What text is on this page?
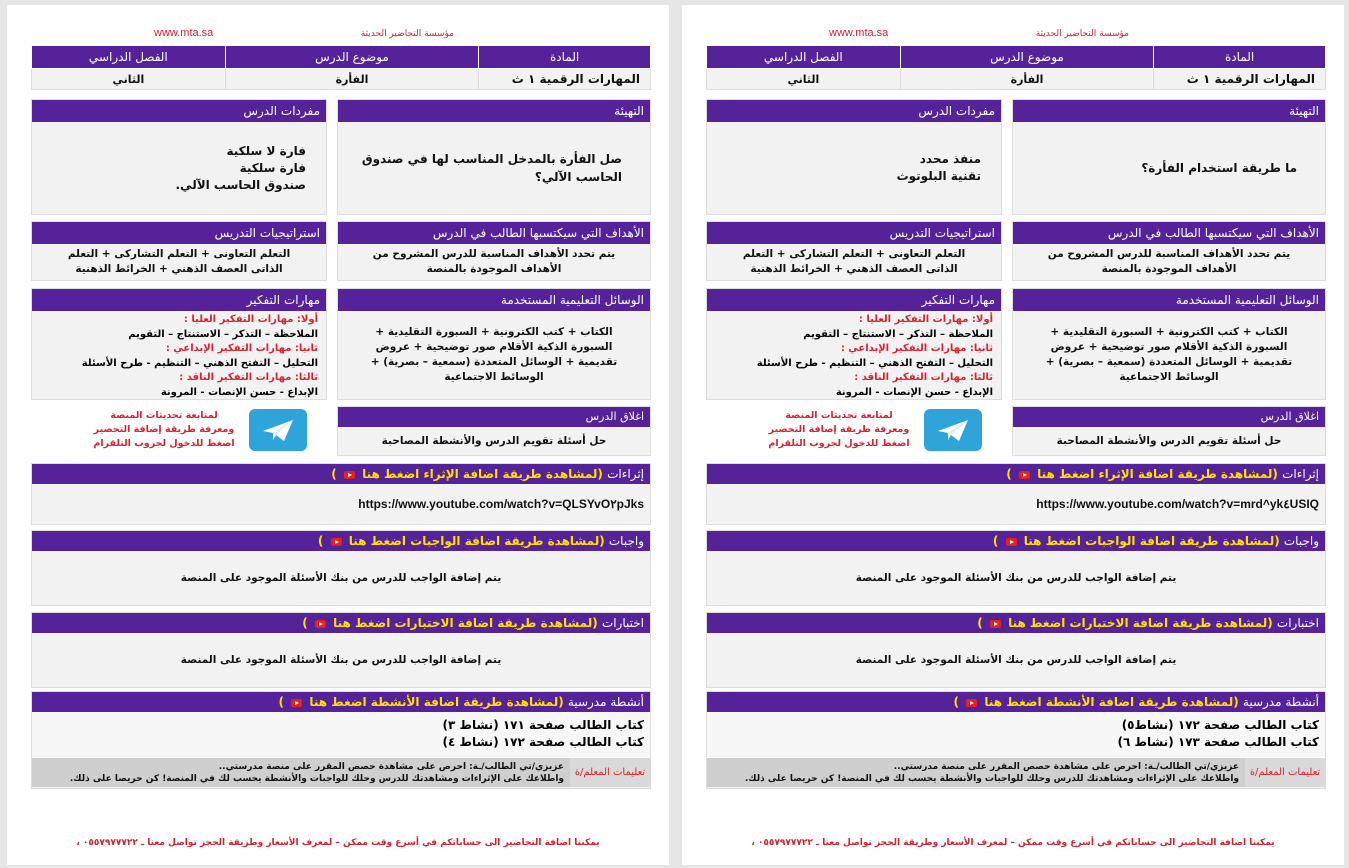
مؤسسة التحاضير الحديثة
www.mta.sa
المادة	موضوع الدرس	الفصل الدراسي
المهارات الرقمية ١ ث	الفأرة	الثاني
التهيئة
صل الفأرة بالمدخل المناسب لها في صندوق الحاسب الآلي؟
مفردات الدرس
فارة لا سلكية
فارة سلكية
صندوق الحاسب الآلي.
الأهداف التي سيكتسبها الطالب في الدرس
يتم تحدد الأهداف المناسبة للدرس المشروح من الأهداف الموجودة بالمنصة
استراتيجيات التدريس
التعلم التعاونى + التعلم التشاركى + التعلم الذاتى العصف الذهني + الخرائط الذهنية
الوسائل التعليمية المستخدمة
الكتاب + كتب الكترونية + السبورة التقليدية + السبورة الذكية الأقلام صور توضيحية + عروض تقديمية + الوسائل المتعددة (سمعية – بصرية) + الوسائط الاجتماعية
مهارات التفكير
أولا: مهارات التفكير العليا :
الملاحظة – التذكر – الاستنتاج – التقويم
ثانيا: مهارات التفكير الإبداعي :
التحليل – التفتح الذهني – التنظيم - طرح الأسئلة
ثالثا: مهارات التفكير الناقد :
الإبداع - حسن الإنصات - المرونة
اغلاق الدرس
حل أسئلة تقويم الدرس والأنشطة المصاحبة
لمتابعة تحديثات المنصة
ومعرفة طريقة إضافة التحضير
اضغط للدخول لجروب التلقرام
إثراءات (لمشاهدة طريقة اضافة الإثراء اضغط هنا  )
https://www.youtube.com/watch?v=QLSYvO٢pJks
واجبات (لمشاهدة طريقة اضافة الواجبات اضغط هنا  )
يتم إضافة الواجب للدرس من بنك الأسئلة الموجود على المنصة
اختبارات (لمشاهدة طريقة اضافة الاختبارات اضغط هنا  )
يتم إضافة الواجب للدرس من بنك الأسئلة الموجود على المنصة
أنشطة مدرسية (لمشاهدة طريقة اضافة الأنشطة اضغط هنا  )
كتاب الطالب صفحة ١٧١ (نشاط ٣)
كتاب الطالب صفحة ١٧٢ (نشاط ٤)
تعليمات المعلم/ة
عزيزي/تي الطالب/ـة: احرص على مشاهدة حصص المقرر على منصة مدرستي..
واطلاعك على الإثراءات ومشاهدتك للدرس وحلك للواجبات والأنشطة يحسب لك في المنصة! كن حريصا على ذلك.
يمكننا اضافة التحاضير الى حساباتكم في أسرع وقت ممكن – لمعرف الأسعار وطريقة الحجز تواصل معنا ـ ٠٥٥٧٩٧٧٧٢٢ ،
مؤسسة التحاضير الحديثة
www.mta.sa
المادة	موضوع الدرس	الفصل الدراسي
المهارات الرقمية ١ ث	الفأرة	الثاني
التهيئة
ما طريقة استخدام الفأرة؟
مفردات الدرس
منفذ محدد
تقنية البلوتوث
الأهداف التي سيكتسبها الطالب في الدرس
يتم تحدد الأهداف المناسبة للدرس المشروح من الأهداف الموجودة بالمنصة
استراتيجيات التدريس
التعلم التعاونى + التعلم التشاركى + التعلم الذاتى العصف الذهني + الخرائط الذهنية
الوسائل التعليمية المستخدمة
الكتاب + كتب الكترونية + السبورة التقليدية + السبورة الذكية الأقلام صور توضيحية + عروض تقديمية + الوسائل المتعددة (سمعية – بصرية) + الوسائط الاجتماعية
مهارات التفكير
أولا: مهارات التفكير العليا :
الملاحظة – التذكر – الاستنتاج – التقويم
ثانيا: مهارات التفكير الإبداعي :
التحليل – التفتح الذهني – التنظيم - طرح الأسئلة
ثالثا: مهارات التفكير الناقد :
الإبداع - حسن الإنصات - المرونة
اغلاق الدرس
حل أسئلة تقويم الدرس والأنشطة المصاحبة
لمتابعة تحديثات المنصة
ومعرفة طريقة إضافة التحضير
اضغط للدخول لجروب التلقرام
إثراءات (لمشاهدة طريقة اضافة الإثراء اضغط هنا  )
https://www.youtube.com/watch?v=mrd^yk٤USIQ
واجبات (لمشاهدة طريقة اضافة الواجبات اضغط هنا  )
يتم إضافة الواجب للدرس من بنك الأسئلة الموجود على المنصة
اختبارات (لمشاهدة طريقة اضافة الاختبارات اضغط هنا  )
يتم إضافة الواجب للدرس من بنك الأسئلة الموجود على المنصة
أنشطة مدرسية (لمشاهدة طريقة اضافة الأنشطة اضغط هنا  )
كتاب الطالب صفحة ١٧٢ (نشاط٥)
كتاب الطالب صفحة ١٧٣ (نشاط ٦)
تعليمات المعلم/ة
عزيزي/تي الطالب/ـة: احرص على مشاهدة حصص المقرر على منصة مدرستي..
واطلاعك على الإثراءات ومشاهدتك للدرس وحلك للواجبات والأنشطة يحسب لك في المنصة! كن حريصا على ذلك.
يمكننا اضافة التحاضير الى حساباتكم في أسرع وقت ممكن – لمعرف الأسعار وطريقة الحجز تواصل معنا ـ ٠٥٥٧٩٧٧٧٢٢ ،
